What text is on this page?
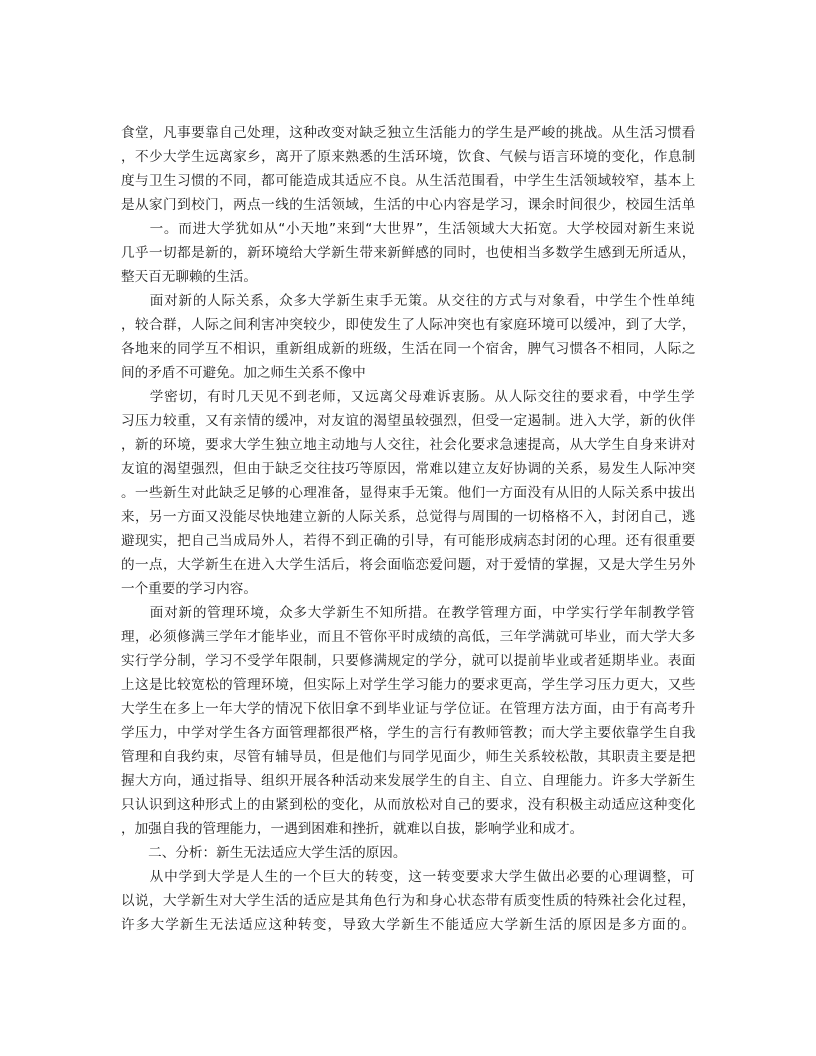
食堂，凡事要靠自己处理，这种改变对缺乏独立生活能力的学生是严峻的挑战。从生活习惯看
，不少大学生远离家乡，离开了原来熟悉的生活环境，饮食、气候与语言环境的变化，作息制
度与卫生习惯的不同，都可能造成其适应不良。从生活范围看，中学生生活领域较窄，基本上
是从家门到校门，两点一线的生活领域，生活的中心内容是学习，课余时间很少，校园生活单
　　一。而进大学犹如从“小天地”来到“大世界”，生活领域大大拓宽。大学校园对新生来说
几乎一切都是新的，新环境给大学新生带来新鲜感的同时，也使相当多数学生感到无所适从，
整天百无聊赖的生活。
　　面对新的人际关系，众多大学新生束手无策。从交往的方式与对象看，中学生个性单纯
，较合群，人际之间利害冲突较少，即使发生了人际冲突也有家庭环境可以缓冲，到了大学，
各地来的同学互不相识，重新组成新的班级，生活在同一个宿舍，脾气习惯各不相同，人际之
间的矛盾不可避免。加之师生关系不像中
　　学密切，有时几天见不到老师，又远离父母难诉衷肠。从人际交往的要求看，中学生学
习压力较重，又有亲情的缓冲，对友谊的渴望虽较强烈，但受一定遏制。进入大学，新的伙伴
，新的环境，要求大学生独立地主动地与人交往，社会化要求急速提高，从大学生自身来讲对
友谊的渴望强烈，但由于缺乏交往技巧等原因，常难以建立友好协调的关系，易发生人际冲突
。一些新生对此缺乏足够的心理准备，显得束手无策。他们一方面没有从旧的人际关系中拔出
来，另一方面又没能尽快地建立新的人际关系，总觉得与周围的一切格格不入，封闭自己，逃
避现实，把自己当成局外人，若得不到正确的引导，有可能形成病态封闭的心理。还有很重要
的一点，大学新生在进入大学生活后，将会面临恋爱问题，对于爱情的掌握，又是大学生另外
一个重要的学习内容。
　　面对新的管理环境，众多大学新生不知所措。在教学管理方面，中学实行学年制教学管
理，必须修满三学年才能毕业，而且不管你平时成绩的高低，三年学满就可毕业，而大学大多
实行学分制，学习不受学年限制，只要修满规定的学分，就可以提前毕业或者延期毕业。表面
上这是比较宽松的管理环境，但实际上对学生学习能力的要求更高，学生学习压力更大，又些
大学生在多上一年大学的情况下依旧拿不到毕业证与学位证。在管理方法方面，由于有高考升
学压力，中学对学生各方面管理都很严格，学生的言行有教师管教；而大学主要依靠学生自我
管理和自我约束，尽管有辅导员，但是他们与同学见面少，师生关系较松散，其职责主要是把
握大方向，通过指导、组织开展各种活动来发展学生的自主、自立、自理能力。许多大学新生
只认识到这种形式上的由紧到松的变化，从而放松对自己的要求，没有积极主动适应这种变化
，加强自我的管理能力，一遇到困难和挫折，就难以自拔，影响学业和成才。
　　二、分析：新生无法适应大学生活的原因。
　　从中学到大学是人生的一个巨大的转变，这一转变要求大学生做出必要的心理调整，可
以说，大学新生对大学生活的适应是其角色行为和身心状态带有质变性质的特殊社会化过程，
许多大学新生无法适应这种转变，导致大学新生不能适应大学新生活的原因是多方面的。
